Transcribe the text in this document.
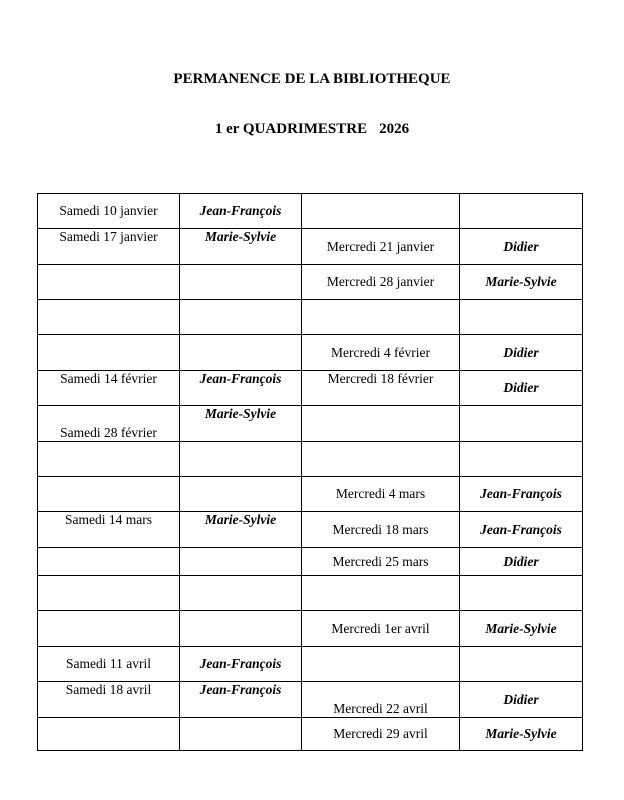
PERMANENCE DE LA BIBLIOTHEQUE
1 er QUADRIMESTRE 2026
Samedi 10 janvier	Jean-François		
Samedi 17 janvier	Marie-Sylvie	Mercredi 21 janvier	Didier
		Mercredi 28 janvier	Marie-Sylvie

		Mercredi 4 février	Didier
Samedi 14 février	Jean-François	Mercredi 18 février	Didier
Samedi 28 février	Marie-Sylvie		

		Mercredi 4 mars	Jean-François
Samedi 14 mars	Marie-Sylvie	Mercredi 18 mars	Jean-François
		Mercredi 25 mars	Didier

		Mercredi 1er avril	Marie-Sylvie
Samedi 11 avril	Jean-François		
Samedi 18 avril	Jean-François	Mercredi 22 avril	Didier
		Mercredi 29 avril	Marie-Sylvie
